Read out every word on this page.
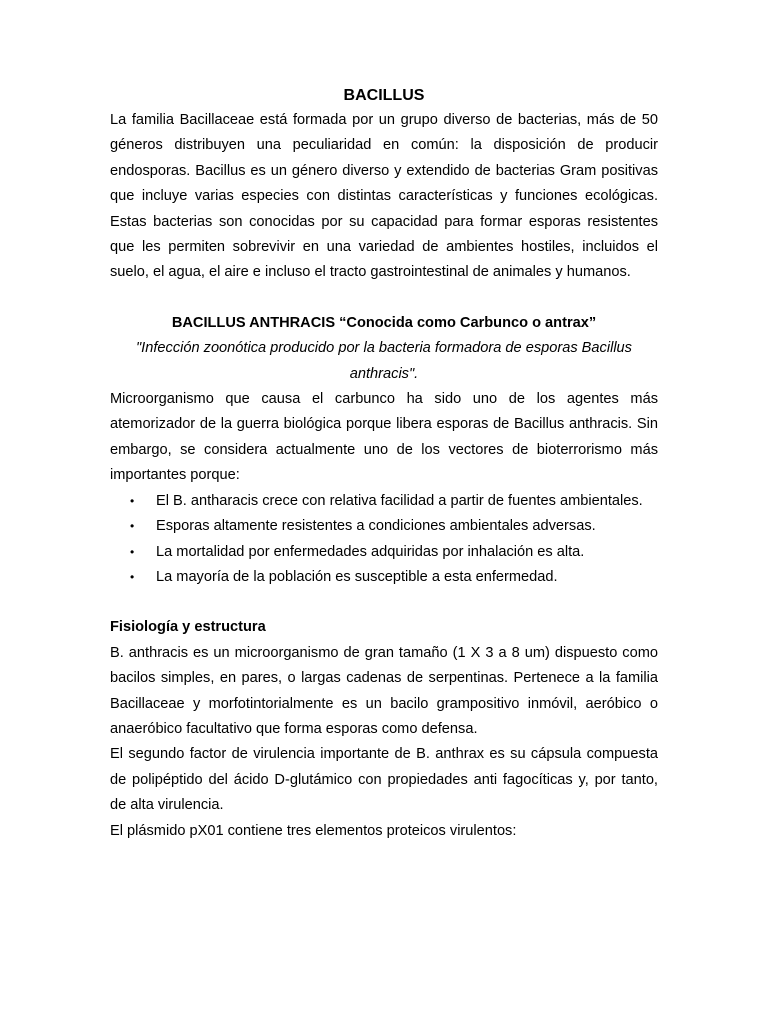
BACILLUS

La familia Bacillaceae está formada por un grupo diverso de bacterias, más de 50 géneros distribuyen una peculiaridad en común: la disposición de producir endosporas. Bacillus es un género diverso y extendido de bacterias Gram positivas que incluye varias especies con distintas características y funciones ecológicas. Estas bacterias son conocidas por su capacidad para formar esporas resistentes que les permiten sobrevivir en una variedad de ambientes hostiles, incluidos el suelo, el agua, el aire e incluso el tracto gastrointestinal de animales y humanos.

BACILLUS ANTHRACIS “Conocida como Carbunco o antrax”

"Infección zoonótica producido por la bacteria formadora de esporas Bacillus anthracis".

Microorganismo que causa el carbunco ha sido uno de los agentes más atemorizador de la guerra biológica porque libera esporas de Bacillus anthracis. Sin embargo, se considera actualmente uno de los vectores de bioterrorismo más importantes porque:

• El B. antharacis crece con relativa facilidad a partir de fuentes ambientales.
• Esporas altamente resistentes a condiciones ambientales adversas.
• La mortalidad por enfermedades adquiridas por inhalación es alta.
• La mayoría de la población es susceptible a esta enfermedad.

Fisiología y estructura

B. anthracis es un microorganismo de gran tamaño (1 X 3 a 8 um) dispuesto como bacilos simples, en pares, o largas cadenas de serpentinas. Pertenece a la familia Bacillaceae y morfotintorialmente es un bacilo grampositivo inmóvil, aeróbico o anaeróbico facultativo que forma esporas como defensa.

El segundo factor de virulencia importante de B. anthrax es su cápsula compuesta de polipéptido del ácido D-glutámico con propiedades anti fagocíticas y, por tanto, de alta virulencia.

El plásmido pX01 contiene tres elementos proteicos virulentos:
